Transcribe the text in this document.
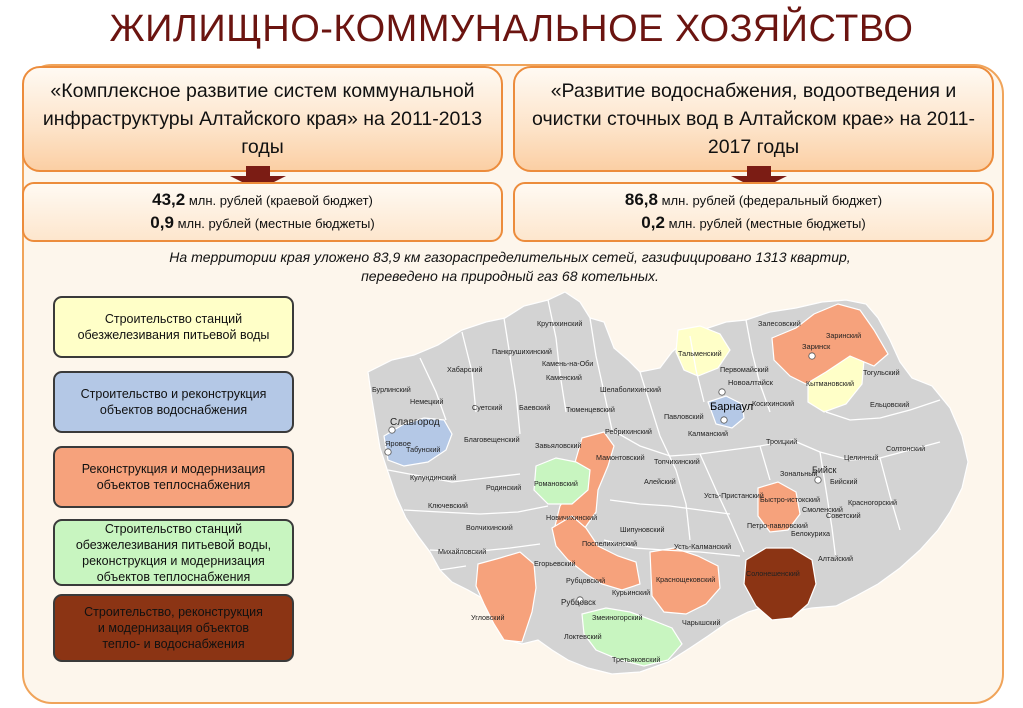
ЖИЛИЩНО-КОММУНАЛЬНОЕ ХОЗЯЙСТВО
«Комплексное развитие систем коммунальной инфраструктуры Алтайского края» на 2011-2013 годы
43,2 млн. рублей (краевой бюджет)
0,9 млн. рублей (местные бюджеты)
«Развитие водоснабжения, водоотведения и очистки сточных вод в Алтайском крае» на 2011-2017 годы
86,8 млн. рублей (федеральный бюджет)
0,2 млн. рублей (местные бюджеты)
На территории края уложено 83,9 км газораспределительных сетей, газифицировано 1313 квартир,
переведено на природный газ 68 котельных.
Строительство станций
обезжелезивания питьевой воды
Строительство и реконструкция
объектов водоснабжения
Реконструкция и модернизация
объектов теплоснабжения
Строительство станций
обезжелезивания питьевой воды,
реконструкция и модернизация
объектов теплоснабжения
Строительство, реконструкция
и модернизация объектов
тепло- и водоснабжения
Крутихинский
Панкрушихинский
Хабарский
Камень-на-Оби
Каменский
Бурлинский
Немецкий
Суетский Баевский Тюменцевский
Шелаболихинский
Славгород
Яровое
Табунский
Благовещенский
Завьяловский
Ребрихинский
Павловский
Барнаул
Кулундинский
Родинский
Мамонтовский
Калманский
Топчихинский
Романовский
Ключевский
Волчихинский
Новичихинский
Алейский
Шипуновский
Михайловский
Поспелихинский
Егорьевский
Рубцовский
Рубцовск
Угловский
Курьинский
Краснощековский
Змеиногорский
Локтевский
Третьяковский
Чарышский
Усть-Калманский
Петро-павловский
Солонешенский
Алтайский
Белокуриха
Смоленский
Советский
Быстро-истокский
Бийский
Бийск
Красногорский
Зональный
Целинный
Солтонский
Троицкий
Косихинский	Ельцовский
Тогульский
Кытмановский
Заринский
Заринск
Залесовский
Тальменский
Первомайский
Новоалтайск
Усть-Пристанский
